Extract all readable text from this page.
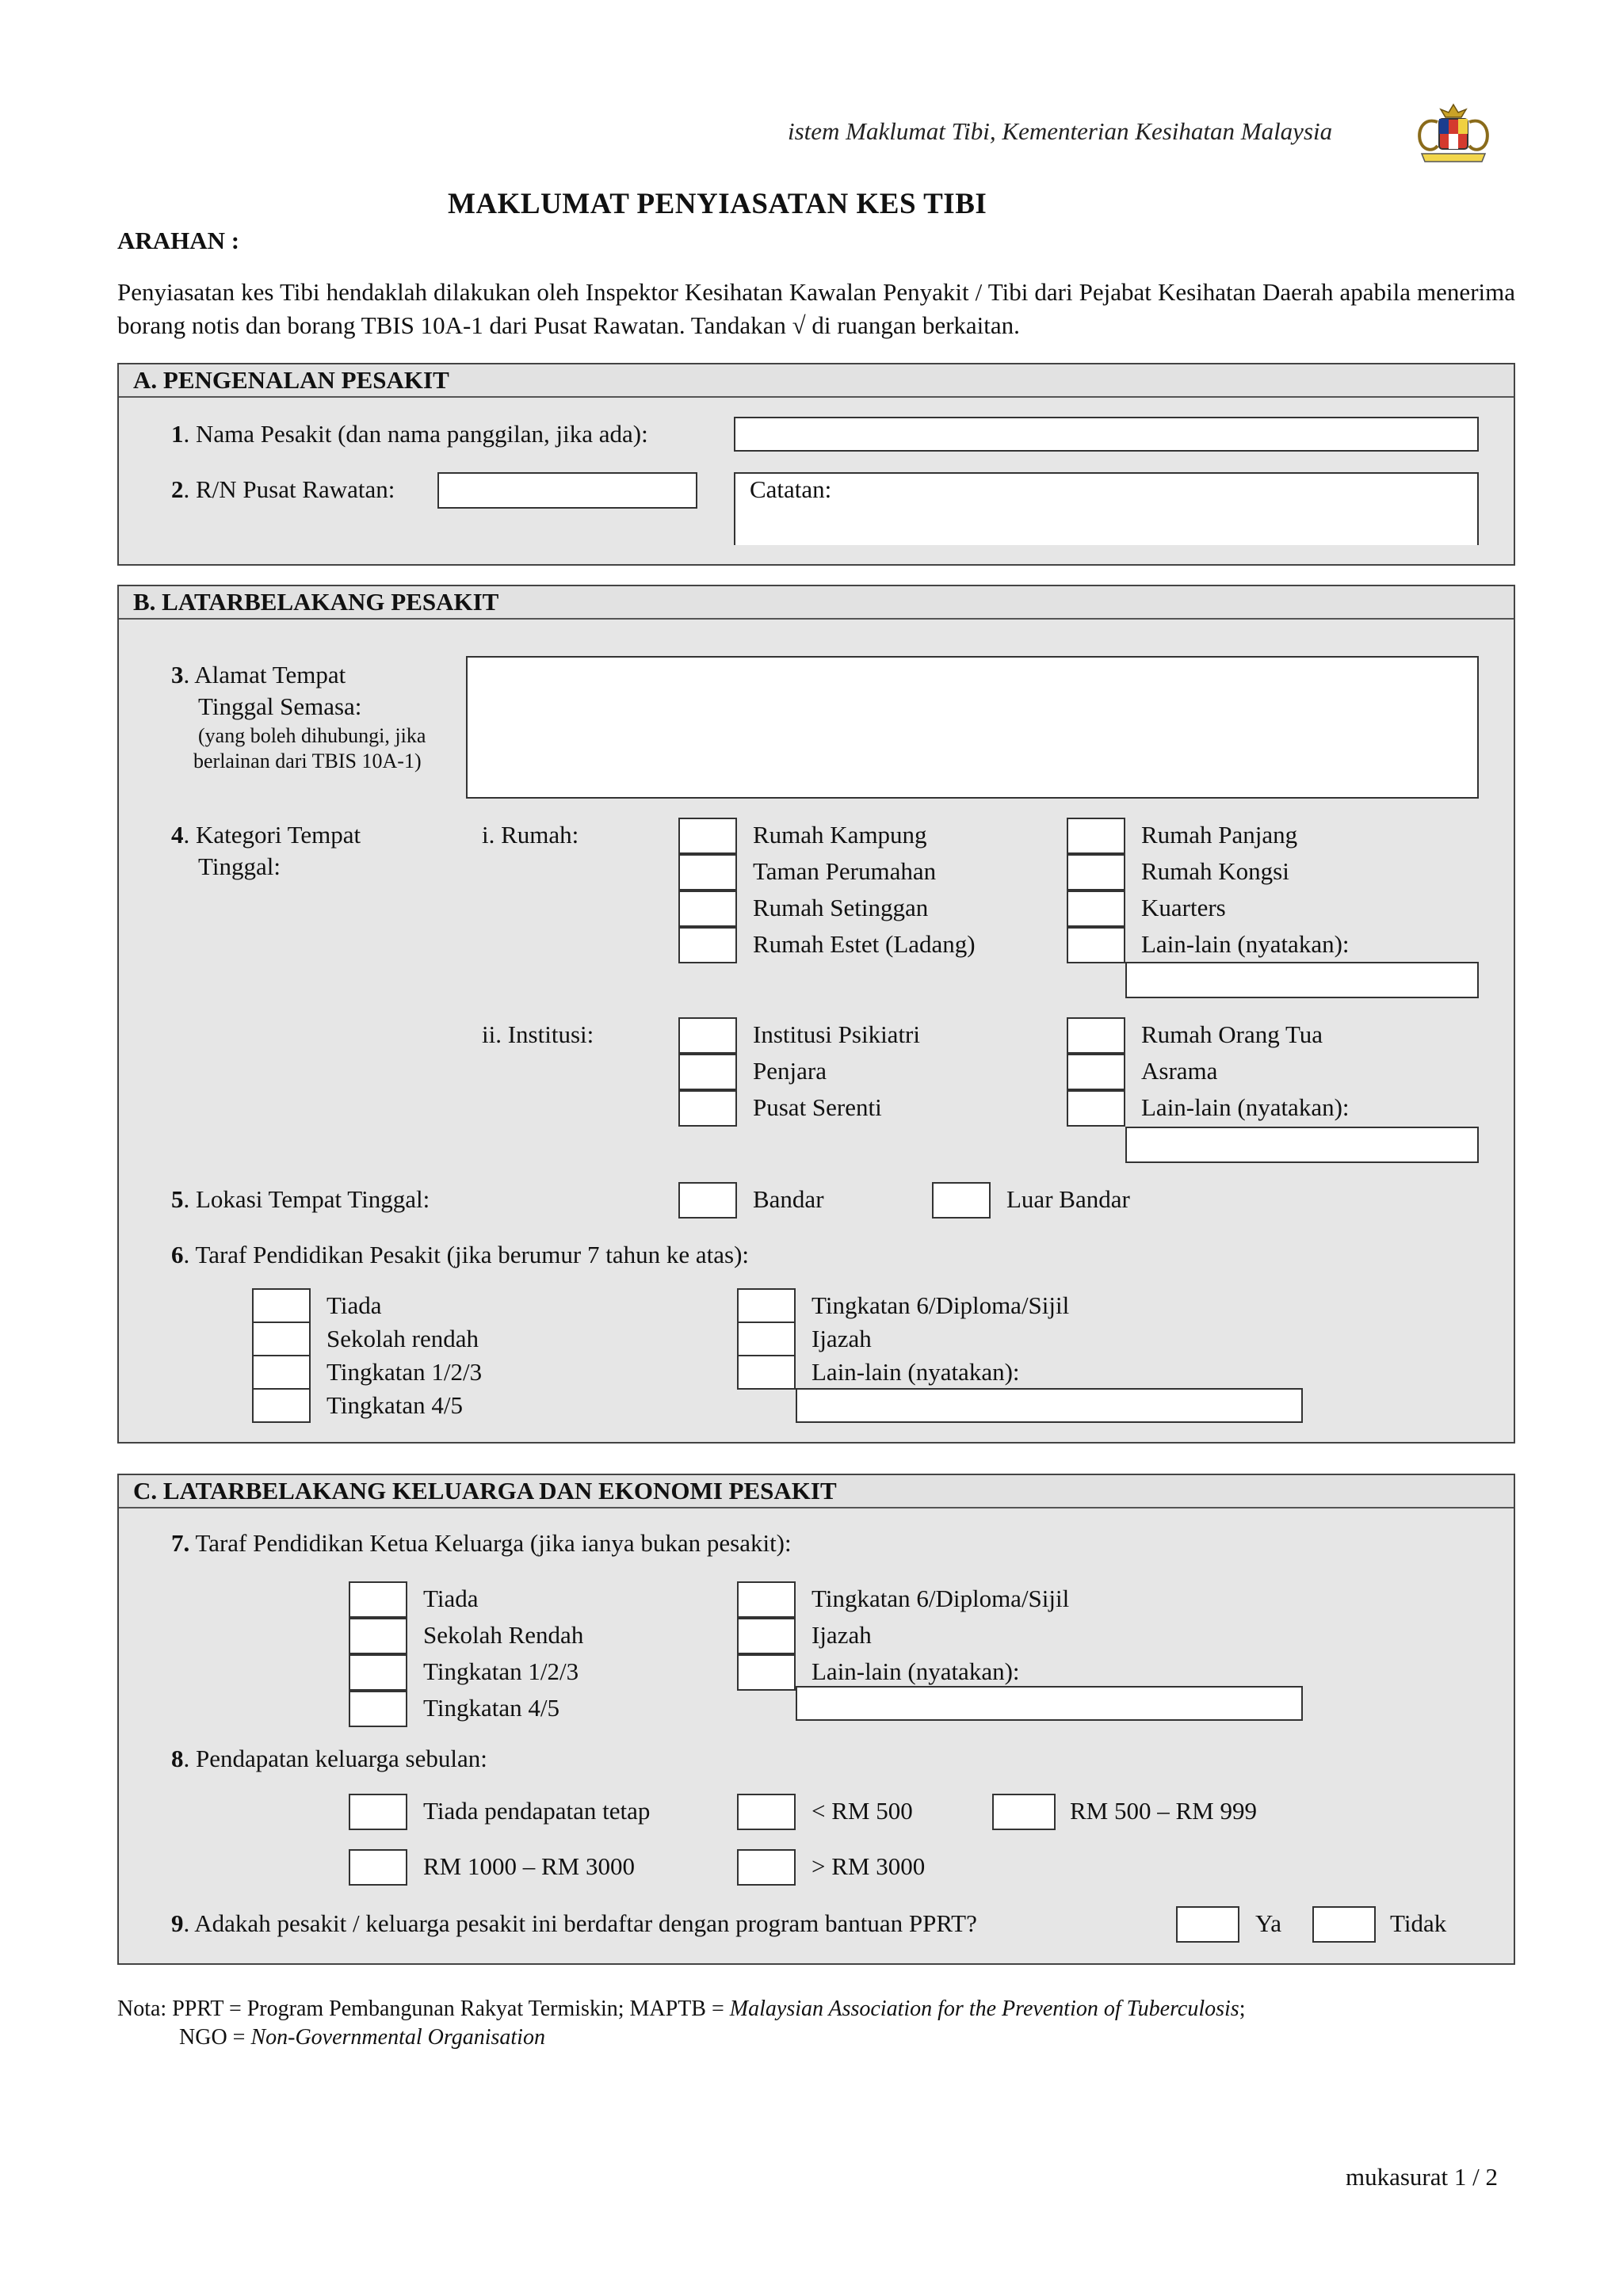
istem Maklumat Tibi, Kementerian Kesihatan Malaysia
MAKLUMAT PENYIASATAN KES TIBI
ARAHAN :
Penyiasatan kes Tibi hendaklah dilakukan oleh Inspektor Kesihatan Kawalan Penyakit / Tibi dari Pejabat Kesihatan Daerah apabila menerima borang notis dan borang TBIS 10A-1 dari Pusat Rawatan. Tandakan √ di ruangan berkaitan.
A. PENGENALAN PESAKIT
1. Nama Pesakit (dan nama panggilan, jika ada):
2. R/N Pusat Rawatan:	Catatan:
B. LATARBELAKANG PESAKIT
3. Alamat Tempat
Tinggal Semasa:
(yang boleh dihubungi, jika
berlainan dari TBIS 10A-1)
4. Kategori Tempat
Tinggal:
i. Rumah:	Rumah Kampung
Taman Perumahan
Rumah Setinggan
Rumah Estet (Ladang)
Rumah Panjang
Rumah Kongsi
Kuarters
Lain-lain (nyatakan):
ii. Institusi:	Institusi Psikiatri
Penjara
Pusat Serenti
Rumah Orang Tua
Asrama
Lain-lain (nyatakan):
5. Lokasi Tempat Tinggal:	Bandar	Luar Bandar
6. Taraf Pendidikan Pesakit (jika berumur 7 tahun ke atas):
Tiada
Sekolah rendah
Tingkatan 1/2/3
Tingkatan 4/5
Tingkatan 6/Diploma/Sijil
Ijazah
Lain-lain (nyatakan):
C. LATARBELAKANG KELUARGA DAN EKONOMI PESAKIT
7. Taraf Pendidikan Ketua Keluarga (jika ianya bukan pesakit):
Tiada
Sekolah Rendah
Tingkatan 1/2/3
Tingkatan 4/5
Tingkatan 6/Diploma/Sijil
Ijazah
Lain-lain (nyatakan):
8. Pendapatan keluarga sebulan:
Tiada pendapatan tetap	< RM 500	RM 500 – RM 999
RM 1000 – RM 3000	> RM 3000
9. Adakah pesakit / keluarga pesakit ini berdaftar dengan program bantuan PPRT?	Ya	Tidak
Nota: PPRT = Program Pembangunan Rakyat Termiskin; MAPTB = Malaysian Association for the Prevention of Tuberculosis;
NGO = Non-Governmental Organisation
mukasurat 1 / 2
